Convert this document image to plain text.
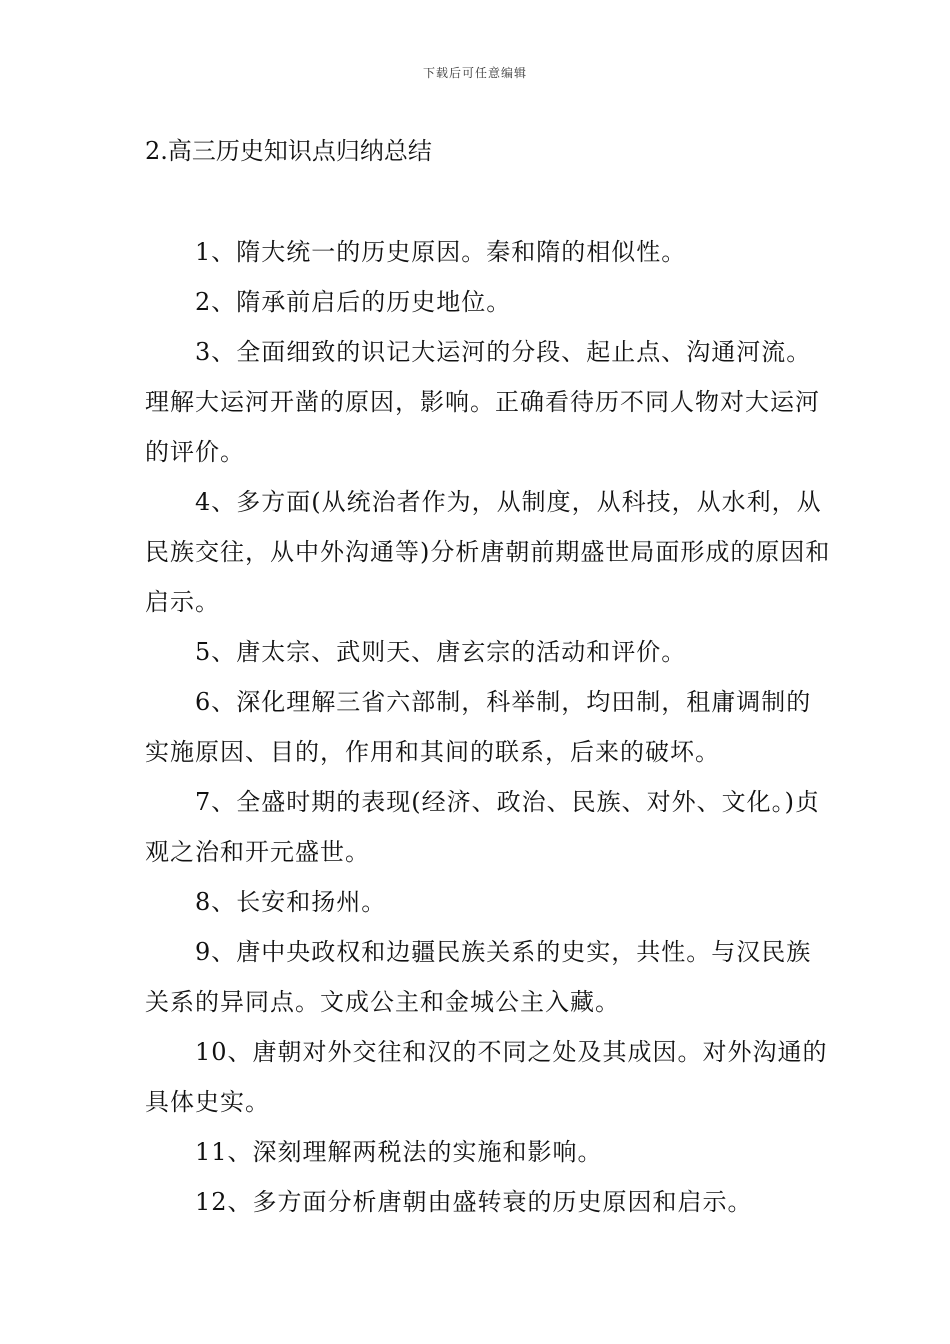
下载后可任意编辑
2.高三历史知识点归纳总结

1、隋大统一的历史原因。秦和隋的相似性。

2、隋承前启后的历史地位。

3、全面细致的识记大运河的分段、起止点、沟通河流。理解大运河开凿的原因，影响。正确看待历不同人物对大运河的评价。

4、多方面(从统治者作为，从制度，从科技，从水利，从民族交往，从中外沟通等)分析唐朝前期盛世局面形成的原因和启示。

5、唐太宗、武则天、唐玄宗的活动和评价。

6、深化理解三省六部制，科举制，均田制，租庸调制的实施原因、目的，作用和其间的联系，后来的破坏。

7、全盛时期的表现(经济、政治、民族、对外、文化。)贞观之治和开元盛世。

8、长安和扬州。

9、唐中央政权和边疆民族关系的史实，共性。与汉民族关系的异同点。文成公主和金城公主入藏。

10、唐朝对外交往和汉的不同之处及其成因。对外沟通的具体史实。

11、深刻理解两税法的实施和影响。

12、多方面分析唐朝由盛转衰的历史原因和启示。
